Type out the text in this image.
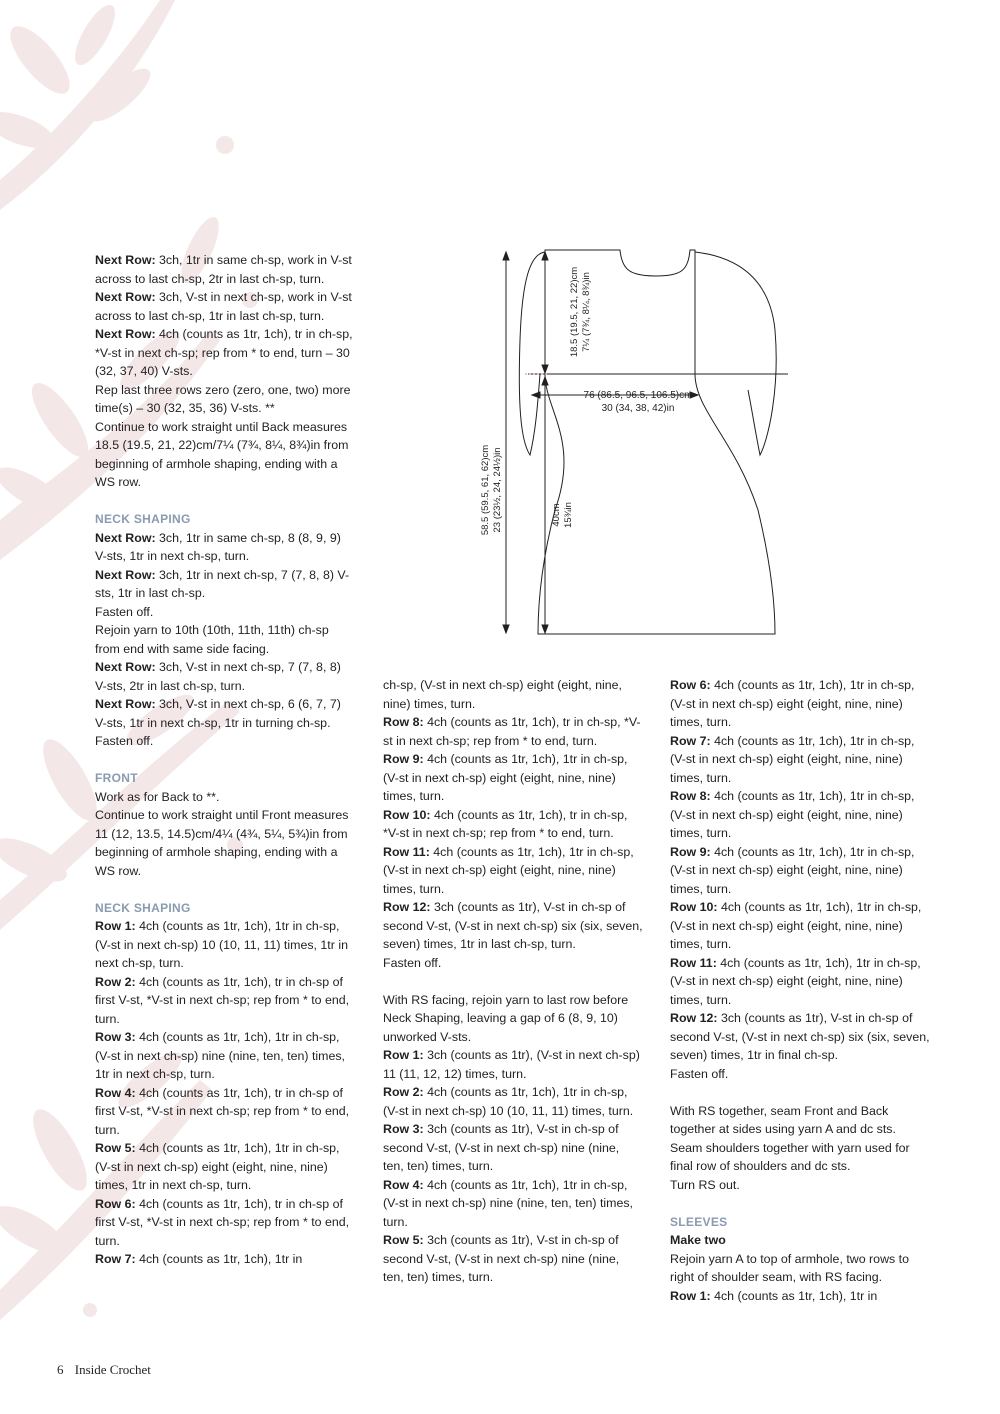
Next Row: 3ch, 1tr in same ch-sp, work in V-st across to last ch-sp, 2tr in last ch-sp, turn.

Next Row: 3ch, V-st in next ch-sp, work in V-st across to last ch-sp, 1tr in last ch-sp, turn.

Next Row: 4ch (counts as 1tr, 1ch), tr in ch-sp, *V-st in next ch-sp; rep from * to end, turn – 30 (32, 37, 40) V-sts.

Rep last three rows zero (zero, one, two) more time(s) – 30 (32, 35, 36) V-sts. **

Continue to work straight until Back measures 18.5 (19.5, 21, 22)cm/7¼ (7¾, 8¼, 8¾)in from beginning of armhole shaping, ending with a WS row.

NECK SHAPING

Next Row: 3ch, 1tr in same ch-sp, 8 (8, 9, 9) V-sts, 1tr in next ch-sp, turn.

Next Row: 3ch, 1tr in next ch-sp, 7 (7, 8, 8) V-sts, 1tr in last ch-sp.

Fasten off.

Rejoin yarn to 10th (10th, 11th, 11th) ch-sp from end with same side facing.

Next Row: 3ch, V-st in next ch-sp, 7 (7, 8, 8) V-sts, 2tr in last ch-sp, turn.

Next Row: 3ch, V-st in next ch-sp, 6 (6, 7, 7) V-sts, 1tr in next ch-sp, 1tr in turning ch-sp.

Fasten off.

FRONT

Work as for Back to **.

Continue to work straight until Front measures 11 (12, 13.5, 14.5)cm/4¼ (4¾, 5¼, 5¾)in from beginning of armhole shaping, ending with a WS row.

NECK SHAPING

Row 1: 4ch (counts as 1tr, 1ch), 1tr in ch-sp, (V-st in next ch-sp) 10 (10, 11, 11) times, 1tr in next ch-sp, turn.

Row 2: 4ch (counts as 1tr, 1ch), tr in ch-sp of first V-st, *V-st in next ch-sp; rep from * to end, turn.

Row 3: 4ch (counts as 1tr, 1ch), 1tr in ch-sp, (V-st in next ch-sp) nine (nine, ten, ten) times, 1tr in next ch-sp, turn.

Row 4: 4ch (counts as 1tr, 1ch), tr in ch-sp of first V-st, *V-st in next ch-sp; rep from * to end, turn.

Row 5: 4ch (counts as 1tr, 1ch), 1tr in ch-sp, (V-st in next ch-sp) eight (eight, nine, nine) times, 1tr in next ch-sp, turn.

Row 6: 4ch (counts as 1tr, 1ch), tr in ch-sp of first V-st, *V-st in next ch-sp; rep from * to end, turn.

Row 7: 4ch (counts as 1tr, 1ch), 1tr in

ch-sp, (V-st in next ch-sp) eight (eight, nine, nine) times, turn.

Row 8: 4ch (counts as 1tr, 1ch), tr in ch-sp, *V-st in next ch-sp; rep from * to end, turn.

Row 9: 4ch (counts as 1tr, 1ch), 1tr in ch-sp, (V-st in next ch-sp) eight (eight, nine, nine) times, turn.

Row 10: 4ch (counts as 1tr, 1ch), tr in ch-sp, *V-st in next ch-sp; rep from * to end, turn.

Row 11: 4ch (counts as 1tr, 1ch), 1tr in ch-sp, (V-st in next ch-sp) eight (eight, nine, nine) times, turn.

Row 12: 3ch (counts as 1tr), V-st in ch-sp of second V-st, (V-st in next ch-sp) six (six, seven, seven) times, 1tr in last ch-sp, turn.

Fasten off.

With RS facing, rejoin yarn to last row before Neck Shaping, leaving a gap of 6 (8, 9, 10) unworked V-sts.

Row 1: 3ch (counts as 1tr), (V-st in next ch-sp) 11 (11, 12, 12) times, turn.

Row 2: 4ch (counts as 1tr, 1ch), 1tr in ch-sp, (V-st in next ch-sp) 10 (10, 11, 11) times, turn.

Row 3: 3ch (counts as 1tr), V-st in ch-sp of second V-st, (V-st in next ch-sp) nine (nine, ten, ten) times, turn.

Row 4: 4ch (counts as 1tr, 1ch), 1tr in ch-sp, (V-st in next ch-sp) nine (nine, ten, ten) times, turn.

Row 5: 3ch (counts as 1tr), V-st in ch-sp of second V-st, (V-st in next ch-sp) nine (nine, ten, ten) times, turn.

Row 6: 4ch (counts as 1tr, 1ch), 1tr in ch-sp, (V-st in next ch-sp) eight (eight, nine, nine) times, turn.

Row 7: 4ch (counts as 1tr, 1ch), 1tr in ch-sp, (V-st in next ch-sp) eight (eight, nine, nine) times, turn.

Row 8: 4ch (counts as 1tr, 1ch), 1tr in ch-sp, (V-st in next ch-sp) eight (eight, nine, nine) times, turn.

Row 9: 4ch (counts as 1tr, 1ch), 1tr in ch-sp, (V-st in next ch-sp) eight (eight, nine, nine) times, turn.

Row 10: 4ch (counts as 1tr, 1ch), 1tr in ch-sp, (V-st in next ch-sp) eight (eight, nine, nine) times, turn.

Row 11: 4ch (counts as 1tr, 1ch), 1tr in ch-sp, (V-st in next ch-sp) eight (eight, nine, nine) times, turn.

Row 12: 3ch (counts as 1tr), V-st in ch-sp of second V-st, (V-st in next ch-sp) six (six, seven, seven) times, 1tr in final ch-sp.

Fasten off.

With RS together, seam Front and Back together at sides using yarn A and dc sts. Seam shoulders together with yarn used for final row of shoulders and dc sts.

Turn RS out.

SLEEVES

Make two

Rejoin yarn A to top of armhole, two rows to right of shoulder seam, with RS facing.

Row 1: 4ch (counts as 1tr, 1ch), 1tr in

58.5 (59.5, 61, 62)cm 23 (23½, 24, 24½)in
18.5 (19.5, 21, 22)cm 7¼ (7¾, 8¼, 8¾)in
76 (86.5, 96.5, 106.5)cm
30 (34, 38, 42)in
40cm 15¾in
6 Inside Crochet
